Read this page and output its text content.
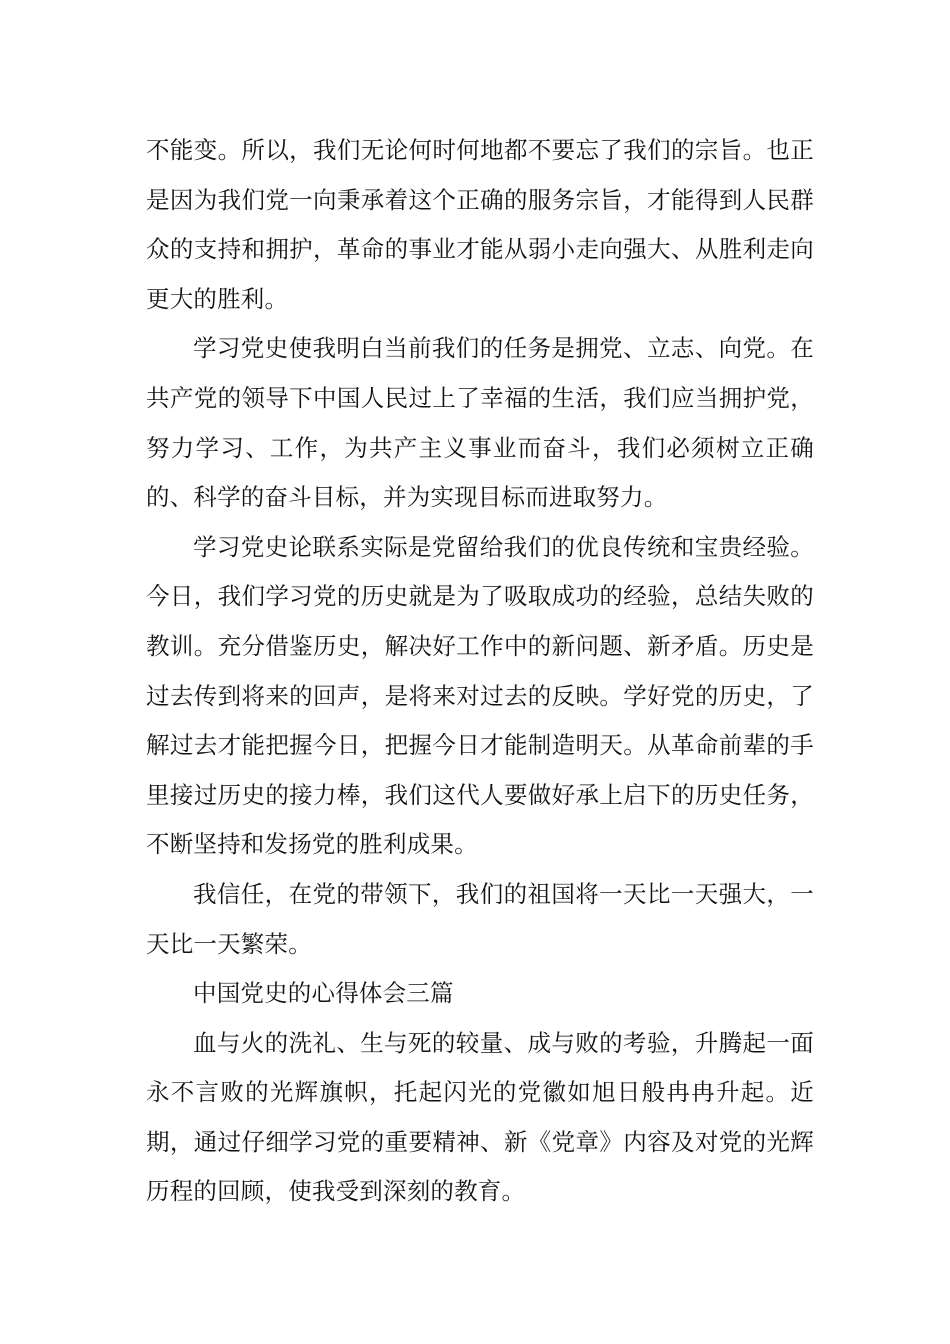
不能变。所以，我们无论何时何地都不要忘了我们的宗旨。也正是因为我们党一向秉承着这个正确的服务宗旨，才能得到人民群众的支持和拥护，革命的事业才能从弱小走向强大、从胜利走向更大的胜利。

学习党史使我明白当前我们的任务是拥党、立志、向党。在共产党的领导下中国人民过上了幸福的生活，我们应当拥护党，努力学习、工作，为共产主义事业而奋斗，我们必须树立正确的、科学的奋斗目标，并为实现目标而进取努力。

学习党史论联系实际是党留给我们的优良传统和宝贵经验。今日，我们学习党的历史就是为了吸取成功的经验，总结失败的教训。充分借鉴历史，解决好工作中的新问题、新矛盾。历史是过去传到将来的回声，是将来对过去的反映。学好党的历史，了解过去才能把握今日，把握今日才能制造明天。从革命前辈的手里接过历史的接力棒，我们这代人要做好承上启下的历史任务，不断坚持和发扬党的胜利成果。

我信任，在党的带领下，我们的祖国将一天比一天强大，一天比一天繁荣。

中国党史的心得体会三篇

血与火的洗礼、生与死的较量、成与败的考验，升腾起一面永不言败的光辉旗帜，托起闪光的党徽如旭日般冉冉升起。近期，通过仔细学习党的重要精神、新《党章》内容及对党的光辉历程的回顾，使我受到深刻的教育。
